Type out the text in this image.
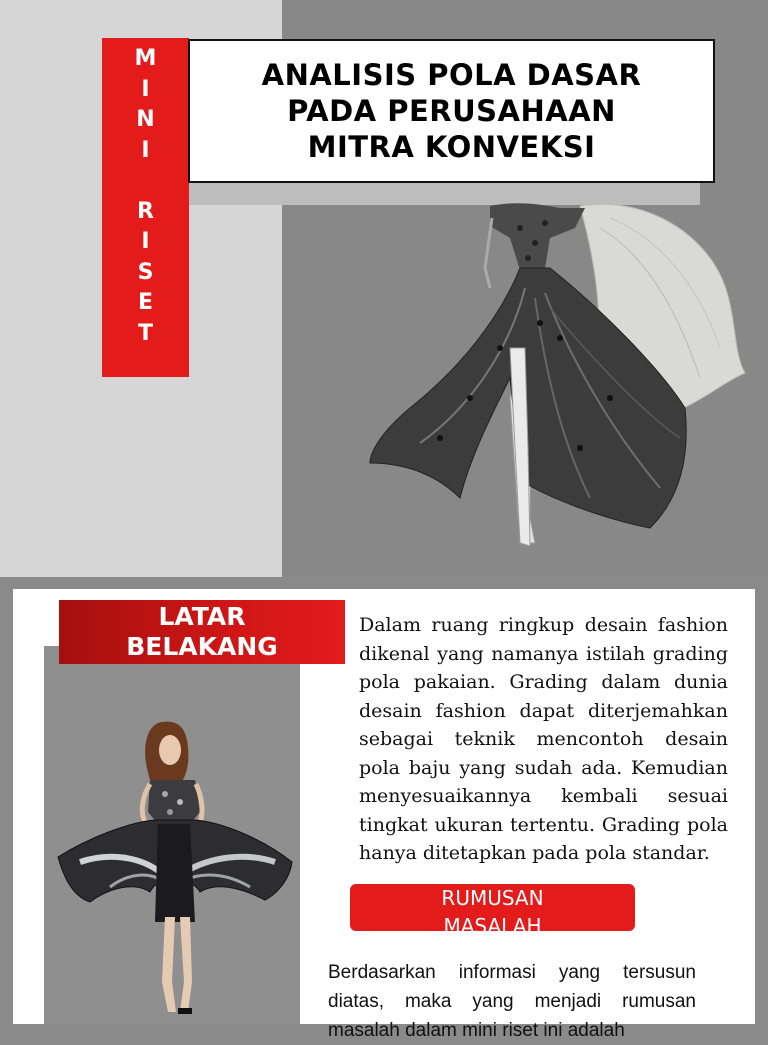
M
I
N
I

R
I
S
E
T
ANALISIS POLA DASAR
PADA PERUSAHAAN
MITRA KONVEKSI
LATAR
BELAKANG
Dalam ruang ringkup desain fashion dikenal yang namanya istilah grading pola pakaian. Grading dalam dunia desain fashion dapat diterjemahkan sebagai teknik mencontoh desain pola baju yang sudah ada. Kemudian menyesuaikannya kembali sesuai tingkat ukuran tertentu. Grading pola hanya ditetapkan pada pola standar.
RUMUSAN
MASALAH
Berdasarkan informasi yang tersusun diatas, maka yang menjadi rumusan masalah dalam mini riset ini adalah
